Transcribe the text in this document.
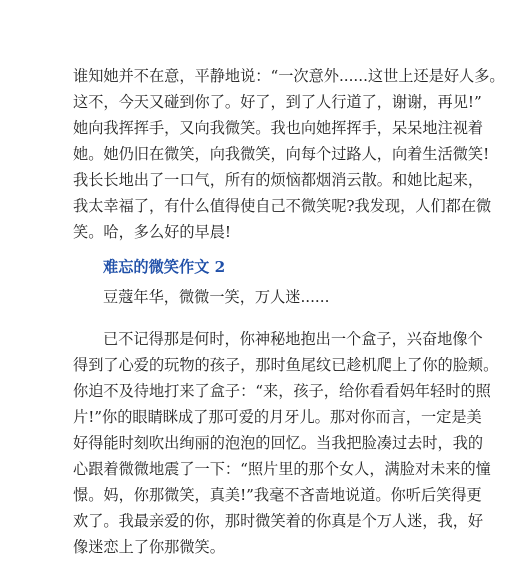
谁知她并不在意，平静地说：“一次意外......这世上还是好人多。
这不，今天又碰到你了。好了，到了人行道了，谢谢，再见!”
她向我挥挥手，又向我微笑。我也向她挥挥手，呆呆地注视着
她。她仍旧在微笑，向我微笑，向每个过路人，向着生活微笑!
我长长地出了一口气，所有的烦恼都烟消云散。和她比起来，
我太幸福了，有什么值得使自己不微笑呢?我发现，人们都在微
笑。哈，多么好的早晨!
难忘的微笑作文 2
豆蔻年华，微微一笑，万人迷......
已不记得那是何时，你神秘地抱出一个盒子，兴奋地像个
得到了心爱的玩物的孩子，那时鱼尾纹已趁机爬上了你的脸颊。
你迫不及待地打来了盒子：“来，孩子，给你看看妈年轻时的照
片!”你的眼睛眯成了那可爱的月牙儿。那对你而言，一定是美
好得能时刻吹出绚丽的泡泡的回忆。当我把脸凑过去时，我的
心跟着微微地震了一下：“照片里的那个女人，满脸对未来的憧
憬。妈，你那微笑，真美!”我毫不吝啬地说道。你听后笑得更
欢了。我最亲爱的你，那时微笑着的你真是个万人迷，我，好
像迷恋上了你那微笑。
